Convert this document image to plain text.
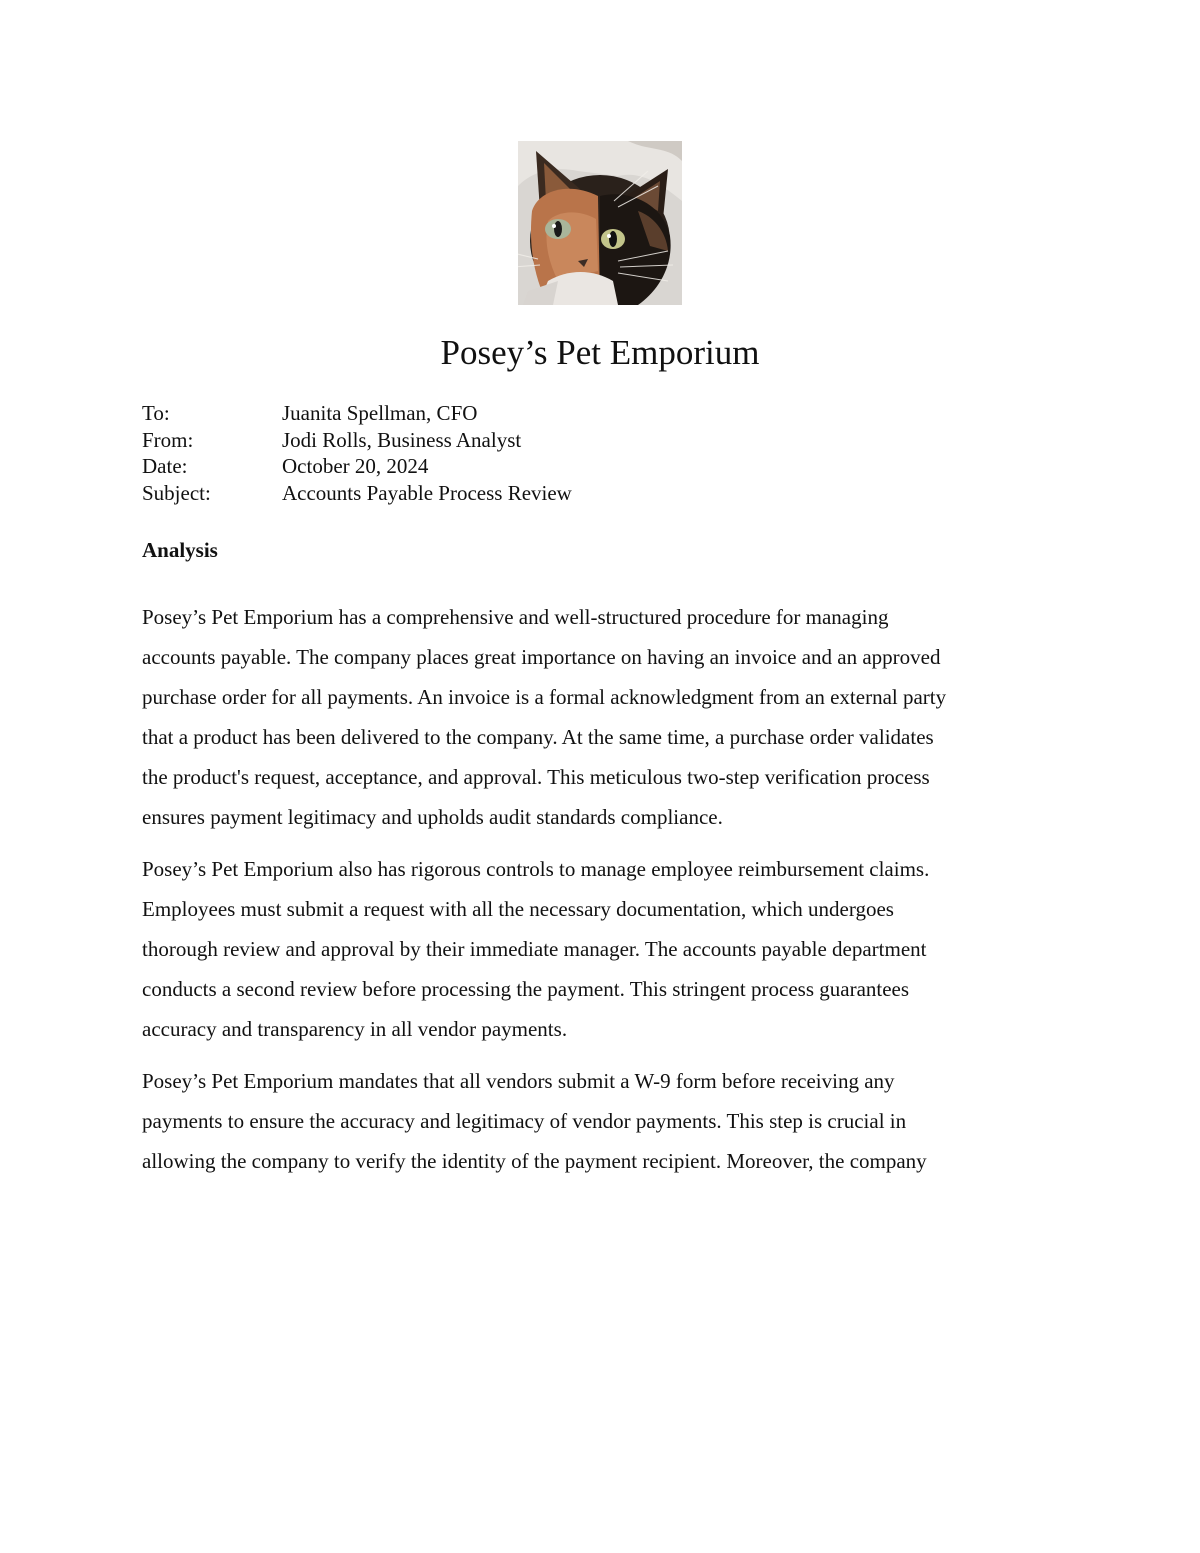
Posey’s Pet Emporium
To:	Juanita Spellman, CFO
From:	Jodi Rolls, Business Analyst
Date:	October 20, 2024
Subject:	Accounts Payable Process Review
Analysis

Posey’s Pet Emporium has a comprehensive and well-structured procedure for managing
accounts payable. The company places great importance on having an invoice and an approved
purchase order for all payments. An invoice is a formal acknowledgment from an external party
that a product has been delivered to the company. At the same time, a purchase order validates
the product's request, acceptance, and approval. This meticulous two-step verification process
ensures payment legitimacy and upholds audit standards compliance.

Posey’s Pet Emporium also has rigorous controls to manage employee reimbursement claims.
Employees must submit a request with all the necessary documentation, which undergoes
thorough review and approval by their immediate manager. The accounts payable department
conducts a second review before processing the payment. This stringent process guarantees
accuracy and transparency in all vendor payments.

Posey’s Pet Emporium mandates that all vendors submit a W-9 form before receiving any
payments to ensure the accuracy and legitimacy of vendor payments. This step is crucial in
allowing the company to verify the identity of the payment recipient. Moreover, the company
